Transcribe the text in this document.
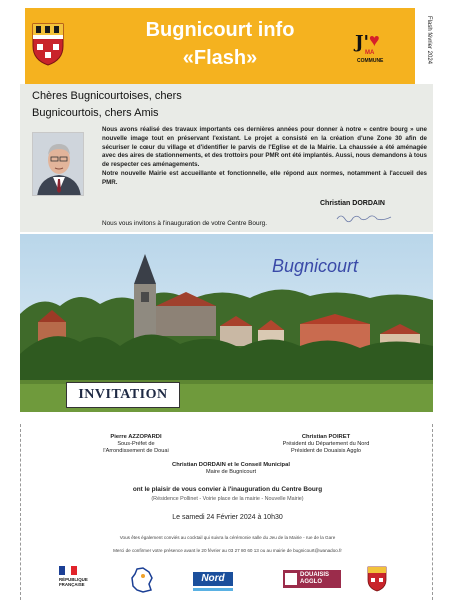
Bugnicourt info
«Flash»
J' ♥
MA
COMMUNE	Flash février 2024
Chères Bugnicourtoises, chers
Bugnicourtois, chers Amis

Nous avons réalisé des travaux importants ces dernières années pour donner à notre « centre bourg » une nouvelle image tout en préservant l'existant. Le projet a consisté en la création d'une Zone 30 afin de sécuriser le cœur du village et d'identifier le parvis de l'Eglise et de la Mairie. La chaussée a été aménagée avec des aires de stationnements, et des trottoirs pour PMR ont été implantés. Aussi, nous demandons à tous de respecter ces aménagements.

Notre nouvelle Mairie est accueillante et fonctionnelle, elle répond aux normes, notamment à l'accueil des PMR.

Christian DORDAIN
Nous vous invitons à l'inauguration de votre Centre Bourg.
Bugnicourt
INVITATION
Pierre AZZOPARDI
Sous-Préfet de
l'Arrondissement de Douai
Christian POIRET
Président du Département du Nord
Président de Douaisis Agglo
Christian DORDAIN et le Conseil Municipal
Maire de Bugnicourt
ont le plaisir de vous convier à l'inauguration du Centre Bourg
(Résidence Pollinet - Voirie place de la mairie - Nouvelle Mairie)
Le samedi 24 Février 2024 à 10h30
Vous êtes également conviés au cocktail qui suivra la cérémonie salle du Jeu de la Mairie - rue de la Gare
Merci de confirmer votre présence avant le 20 février au 03 27 80 60 13 ou au mairie de bugnicourt@wanadoo.fr
RÉPUBLIQUE FRANÇAISE
Nord	DOUAISIS
AGGLO
